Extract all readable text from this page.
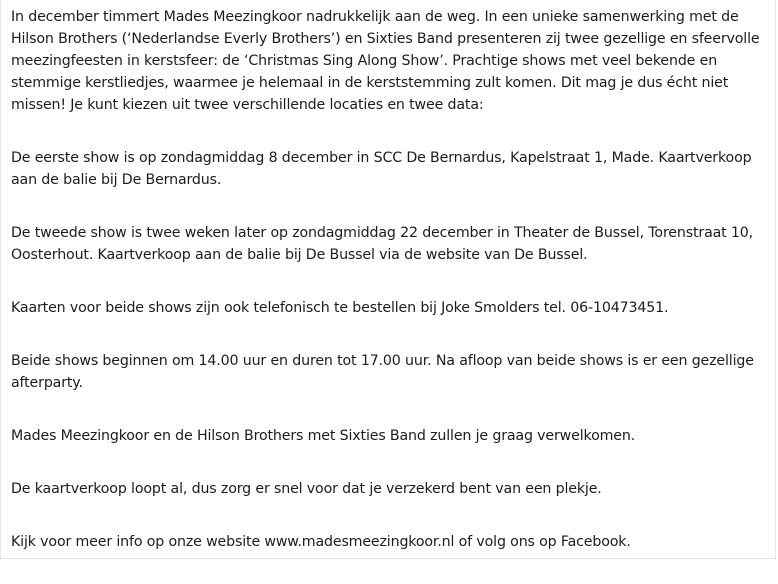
In december timmert Mades Meezingkoor nadrukkelijk aan de weg. In een unieke samenwerking met de Hilson Brothers (‘Nederlandse Everly Brothers’) en Sixties Band presenteren zij twee gezellige en sfeervolle meezingfeesten in kerstsfeer: de ‘Christmas Sing Along Show’. Prachtige shows met veel bekende en stemmige kerstliedjes, waarmee je helemaal in de kerststemming zult komen. Dit mag je dus écht niet missen! Je kunt kiezen uit twee verschillende locaties en twee data:

De eerste show is op zondagmiddag 8 december in SCC De Bernardus, Kapelstraat 1, Made. Kaartverkoop aan de balie bij De Bernardus.

De tweede show is twee weken later op zondagmiddag 22 december in Theater de Bussel, Torenstraat 10, Oosterhout. Kaartverkoop aan de balie bij De Bussel via de website van De Bussel.

Kaarten voor beide shows zijn ook telefonisch te bestellen bij Joke Smolders tel. 06-10473451.

Beide shows beginnen om 14.00 uur en duren tot 17.00 uur. Na afloop van beide shows is er een gezellige afterparty.

Mades Meezingkoor en de Hilson Brothers met Sixties Band zullen je graag verwelkomen.

De kaartverkoop loopt al, dus zorg er snel voor dat je verzekerd bent van een plekje.

Kijk voor meer info op onze website www.madesmeezingkoor.nl of volg ons op Facebook.
